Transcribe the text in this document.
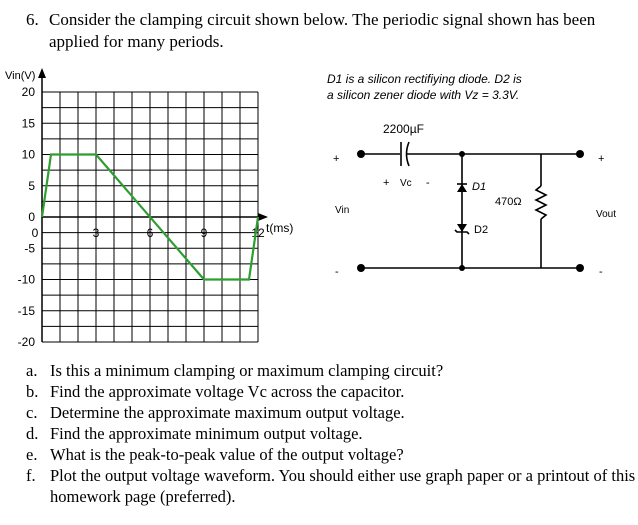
6. Consider the clamping circuit shown below. The periodic signal shown has been applied for many periods.
20
15
10
5
0
-5
-10
-15
-20
0	3	6	9	12
Vin(V)
t(ms)
D1 is a silicon rectifiying diode. D2 is
a silicon zener diode with Vz = 3.3V.
2200µF
+ Vc -	D1
D2
470Ω
Vin	Vout
+
-
+
-
a. Is this a minimum clamping or maximum clamping circuit?
b. Find the approximate voltage Vc across the capacitor.
c. Determine the approximate maximum output voltage.
d. Find the approximate minimum output voltage.
e. What is the peak-to-peak value of the output voltage?
f. Plot the output voltage waveform. You should either use graph paper or a printout of this homework page (preferred).
